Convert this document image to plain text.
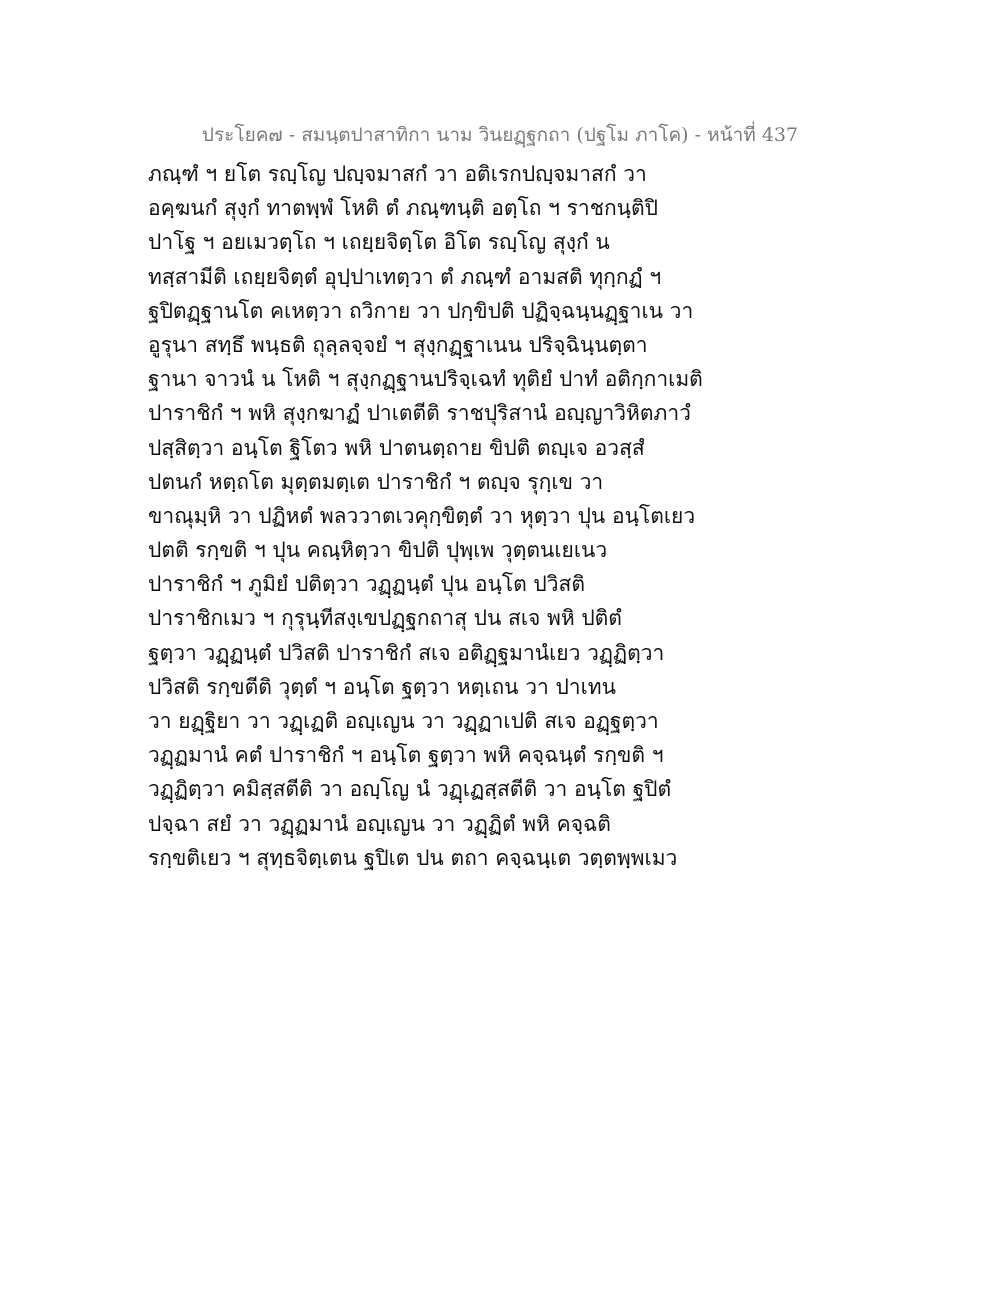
ประโยค๗ - สมนฺตปาสาทิกา นาม วินยฏฺฐกถา (ปฐโม ภาโค) - หน้าที่ 437
ภณฺฑํ ฯ ยโต รญฺโญ ปญฺจมาสกํ วา อติเรกปญฺจมาสกํ วา
อคฺฆนกํ สุงฺกํ ทาตพฺพํ โหติ ตํ ภณฺฑนฺติ อตฺโถ ฯ ราชกนฺติปิ
ปาโฐ ฯ อยเมวตฺโถ ฯ เถยฺยจิตฺโต อิโต รญฺโญ สุงฺกํ น
ทสฺสามีติ เถยฺยจิตฺตํ อุปฺปาเทตฺวา ตํ ภณฺฑํ อามสติ ทุกฺกฏํ ฯ
ฐปิตฏฺฐานโต คเหตฺวา ถวิกาย วา ปกฺขิปติ ปฏิจฺฉนฺนฏฺฐาเน วา
อูรุนา สทฺธึ พนฺธติ ถุลฺลจฺจยํ ฯ สุงฺกฏฺฐาเนน ปริจฺฉินฺนตฺตา
ฐานา จาวนํ น โหติ ฯ สุงฺกฏฺฐานปริจฺเฉทํ ทุติยํ ปาทํ อติกฺกาเมติ
ปาราชิกํ ฯ พหิ สุงฺกฆาฏํ ปาเตตีติ ราชปุริสานํ อญฺญาวิหิตภาวํ
ปสฺสิตฺวา อนฺโต ฐิโตว พหิ ปาตนตฺถาย ขิปติ ตญฺเจ อวสฺสํ
ปตนกํ หตฺถโต มุตฺตมตฺเต ปาราชิกํ ฯ ตญฺจ รุกฺเข วา
ขาณุมฺหิ วา ปฏิหตํ พลววาตเวคุกฺขิตฺตํ วา หุตฺวา ปุน อนฺโตเยว
ปตติ รกฺขติ ฯ ปุน คณฺหิตฺวา ขิปติ ปุพฺเพ วุตฺตนเยเนว
ปาราชิกํ ฯ ภูมิยํ ปติตฺวา วฏฺฏนฺตํ ปุน อนฺโต ปวิสติ
ปาราชิกเมว ฯ กุรุนฺทีสงฺเขปฏฺฐกถาสุ ปน สเจ พหิ ปติตํ
ฐตฺวา วฏฺฏนฺตํ ปวิสติ ปาราชิกํ สเจ อติฏฺฐมานํเยว วฏฺฏิตฺวา
ปวิสติ รกฺขตีติ วุตฺตํ ฯ อนฺโต ฐตฺวา หตฺเถน วา ปาเทน
วา ยฏฺฐิยา วา วฏฺเฏติ อญฺเญน วา วฏฺฏาเปติ สเจ อฏฺฐตฺวา
วฏฺฏมานํ คตํ ปาราชิกํ ฯ อนฺโต ฐตฺวา พหิ คจฺฉนฺตํ รกฺขติ ฯ
วฏฺฏิตฺวา คมิสฺสตีติ วา อญฺโญ นํ วฏฺเฏสฺสตีติ วา อนฺโต ฐปิตํ
ปจฺฉา สยํ วา วฏฺฏมานํ อญฺเญน วา วฏฺฏิตํ พหิ คจฺฉติ
รกฺขติเยว ฯ สุทฺธจิตฺเตน ฐปิเต ปน ตถา คจฺฉนฺเต วตฺตพฺพเมว
